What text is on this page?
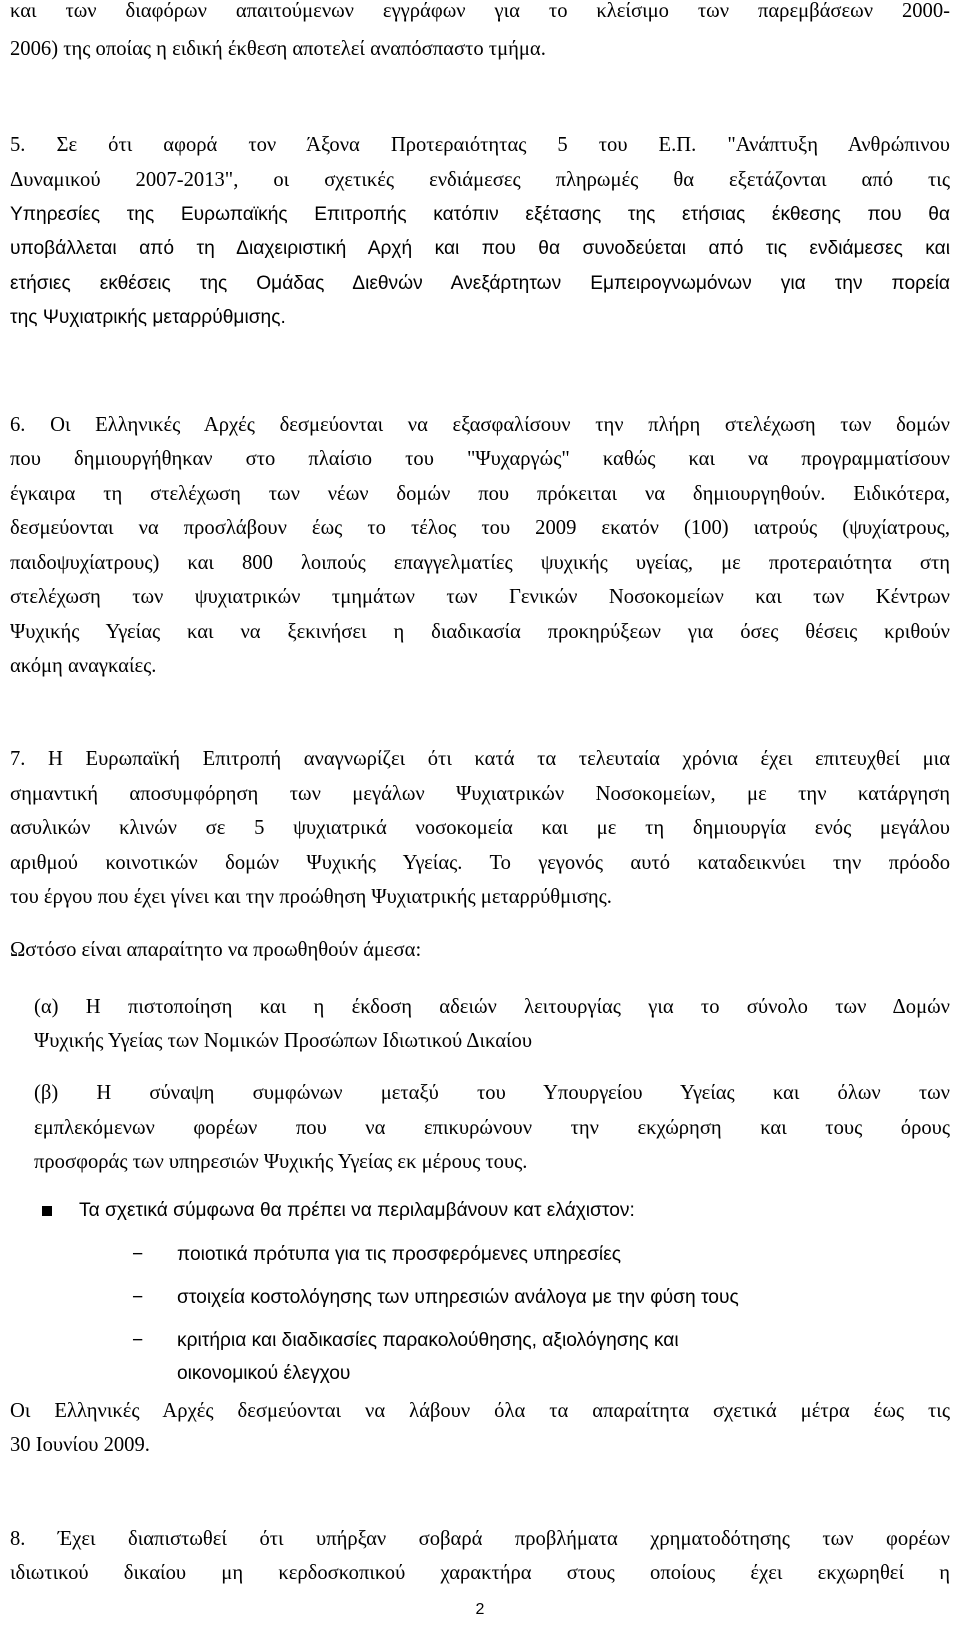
και των διαφόρων απαιτούμενων εγγράφων για το κλείσιμο των παρεμβάσεων 2000-
2006) της οποίας η ειδική έκθεση αποτελεί αναπόσπαστο τμήμα.
5. Σε ότι αφορά τον Άξονα Προτεραιότητας 5 του Ε.Π. "Ανάπτυξη Ανθρώπινου
Δυναμικού 2007-2013", οι σχετικές ενδιάμεσες πληρωμές θα εξετάζονται από τις
Υπηρεσίες της Ευρωπαϊκής Επιτροπής κατόπιν εξέτασης της ετήσιας έκθεσης που θα
υποβάλλεται από τη Διαχειριστική Αρχή και που θα συνοδεύεται από τις ενδιάμεσες και
ετήσιες εκθέσεις της Ομάδας Διεθνών Ανεξάρτητων Εμπειρογνωμόνων για την πορεία
της Ψυχιατρικής μεταρρύθμισης.
6. Οι Ελληνικές Αρχές δεσμεύονται να εξασφαλίσουν την πλήρη στελέχωση των δομών
που δημιουργήθηκαν στο πλαίσιο του "Ψυχαργώς" καθώς και να προγραμματίσουν
έγκαιρα τη στελέχωση των νέων δομών που πρόκειται να δημιουργηθούν. Ειδικότερα,
δεσμεύονται να προσλάβουν έως το τέλος του 2009 εκατόν (100) ιατρούς (ψυχίατρους,
παιδοψυχίατρους) και 800 λοιπούς επαγγελματίες ψυχικής υγείας, με προτεραιότητα στη
στελέχωση των ψυχιατρικών τμημάτων των Γενικών Νοσοκομείων και των Κέντρων
Ψυχικής Υγείας και να ξεκινήσει η διαδικασία προκηρύξεων για όσες θέσεις κριθούν
ακόμη αναγκαίες.
7. Η Ευρωπαϊκή Επιτροπή αναγνωρίζει ότι κατά τα τελευταία χρόνια έχει επιτευχθεί μια
σημαντική αποσυμφόρηση των μεγάλων Ψυχιατρικών Νοσοκομείων, με την κατάργηση
ασυλικών κλινών σε 5 ψυχιατρικά νοσοκομεία και με τη δημιουργία ενός μεγάλου
αριθμού κοινοτικών δομών Ψυχικής Υγείας. Το γεγονός αυτό καταδεικνύει την πρόοδο
του έργου που έχει γίνει και την προώθηση Ψυχιατρικής μεταρρύθμισης.
Ωστόσο είναι απαραίτητο να προωθηθούν άμεσα:
(α) Η πιστοποίηση και η έκδοση αδειών λειτουργίας για το σύνολο των Δομών
Ψυχικής Υγείας των Νομικών Προσώπων Ιδιωτικού Δικαίου
(β) Η σύναψη συμφώνων μεταξύ του Υπουργείου Υγείας και όλων των
εμπλεκόμενων φορέων που να επικυρώνουν την εκχώρηση και τους όρους
προσφοράς των υπηρεσιών Ψυχικής Υγείας εκ μέρους τους.
Τα σχετικά σύμφωνα θα πρέπει να περιλαμβάνουν κατ ελάχιστον:
−	ποιοτικά πρότυπα για τις προσφερόμενες υπηρεσίες
−	στοιχεία κοστολόγησης των υπηρεσιών ανάλογα με την φύση τους
−	κριτήρια και διαδικασίες παρακολούθησης, αξιολόγησης και
οικονομικού έλεγχου
Οι Ελληνικές Αρχές δεσμεύονται να λάβουν όλα τα απαραίτητα σχετικά μέτρα έως τις
30 Ιουνίου 2009.
8. Έχει διαπιστωθεί ότι υπήρξαν σοβαρά προβλήματα χρηματοδότησης των φορέων
ιδιωτικού δικαίου μη κερδοσκοπικού χαρακτήρα στους οποίους έχει εκχωρηθεί η
2
